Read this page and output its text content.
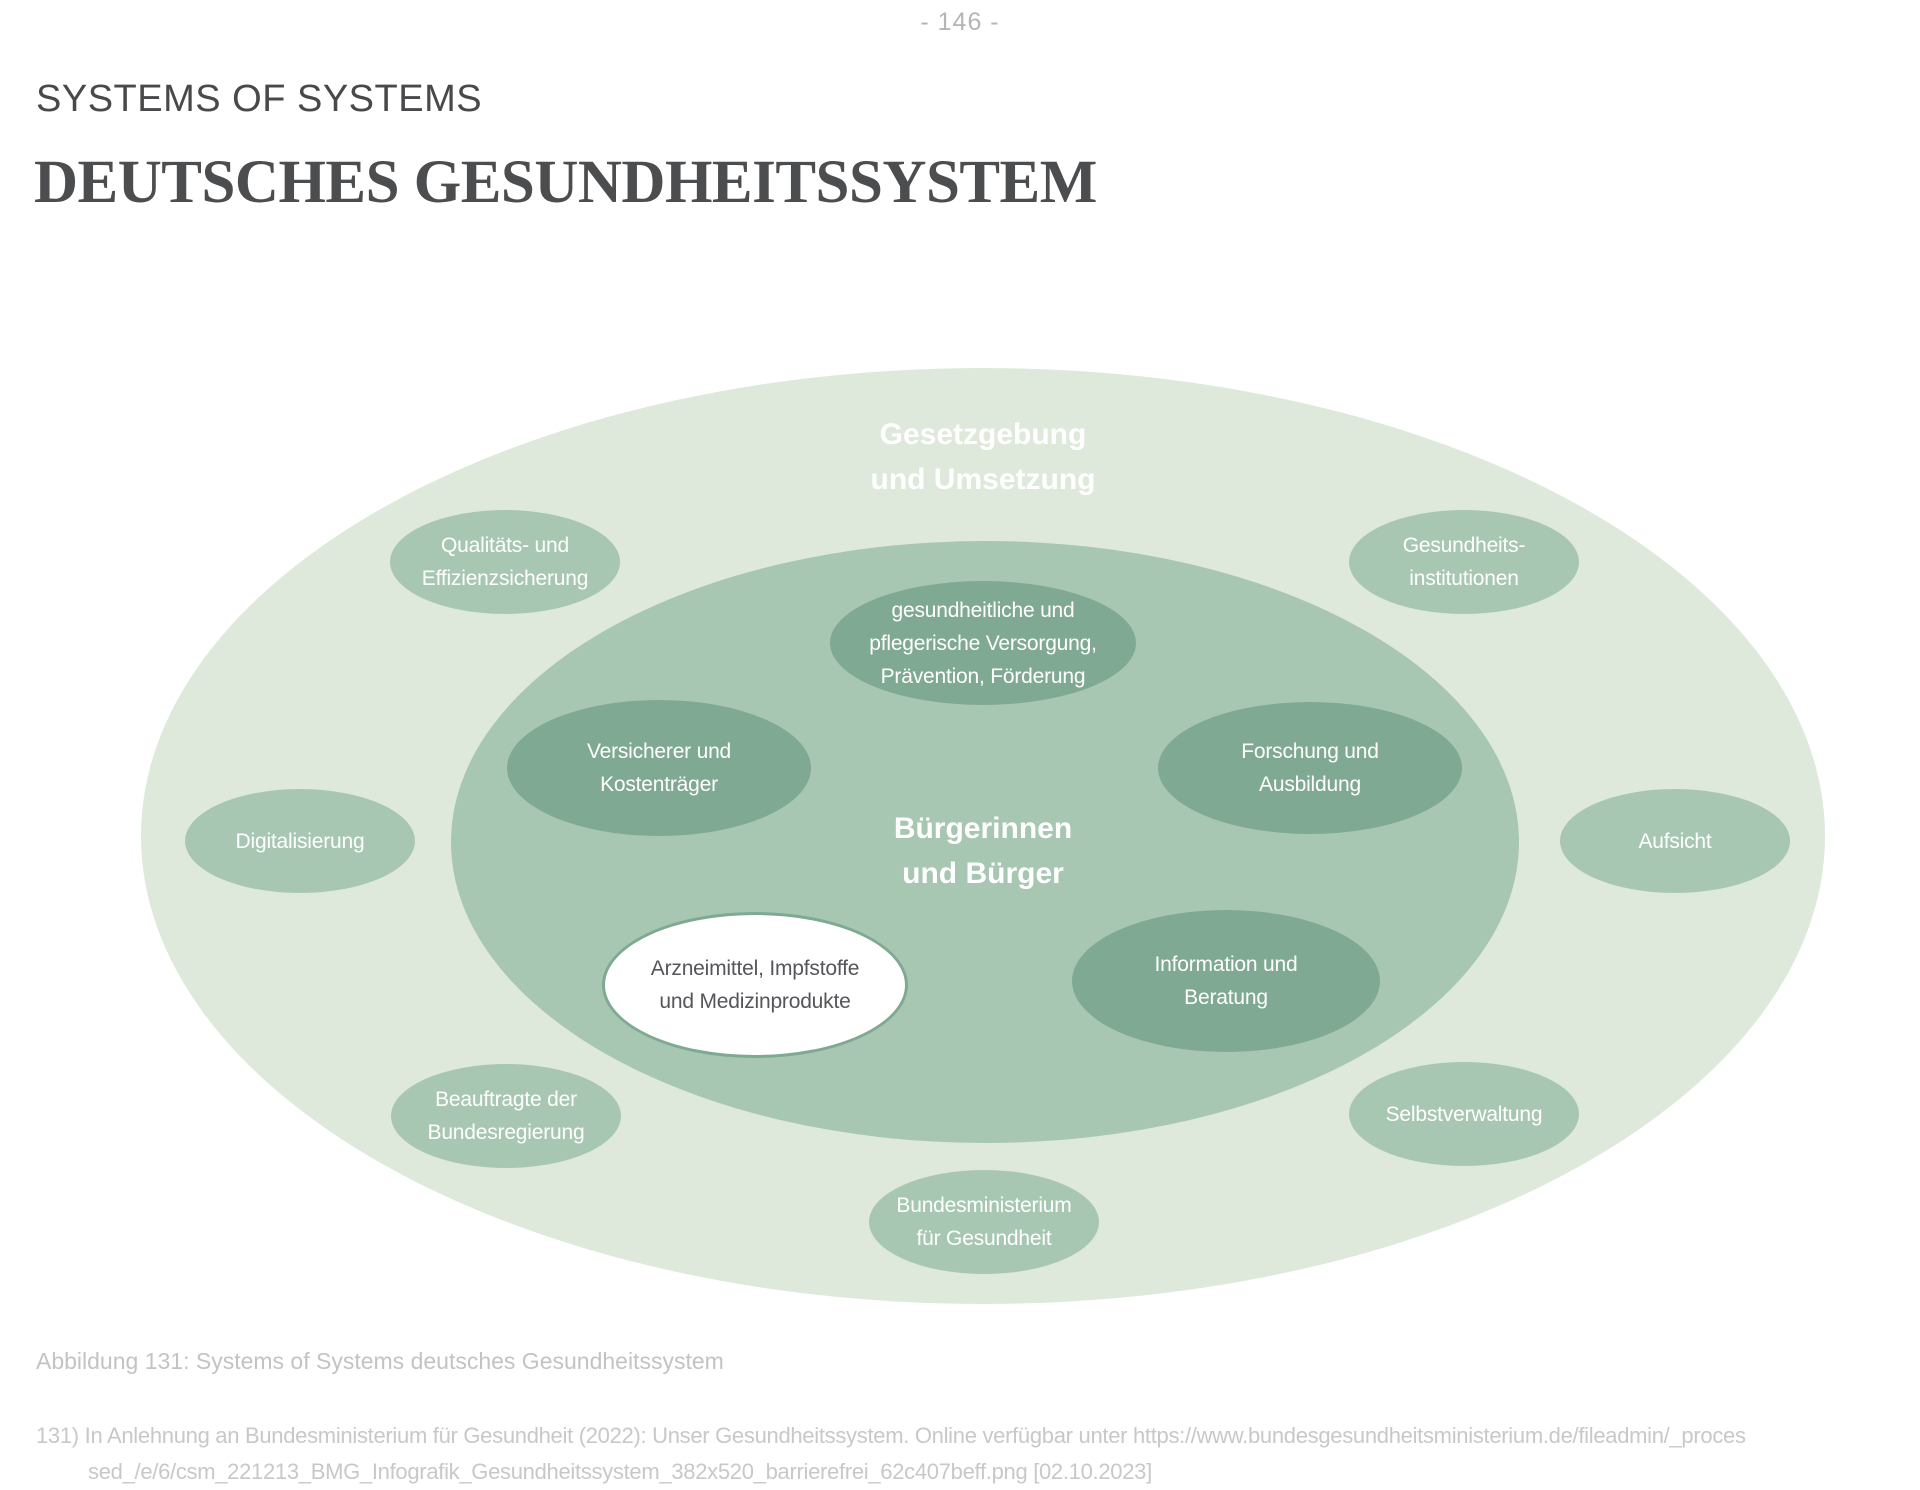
- 146 -
SYSTEMS OF SYSTEMS
DEUTSCHES GESUNDHEITSSYSTEM
Gesetzgebung
und Umsetzung
Bürgerinnen
und Bürger
Qualitäts- und
Effizienzsicherung
Gesundheits-
institutionen
Digitalisierung	Aufsicht
Beauftragte der
Bundesregierung
Selbstverwaltung
Bundesministerium
für Gesundheit
gesundheitliche und
pflegerische Versorgung,
Prävention, Förderung
Versicherer und
Kostenträger
Forschung und
Ausbildung
Information und
Beratung
Arzneimittel, Impfstoffe
und Medizinprodukte
Abbildung 131: Systems of Systems deutsches Gesundheitssystem
131) In Anlehnung an Bundesministerium für Gesundheit (2022): Unser Gesundheitssystem. Online verfügbar unter https://www.bundesgesundheitsministerium.de/fileadmin/_proces
sed_/e/6/csm_221213_BMG_Infografik_Gesundheitssystem_382x520_barrierefrei_62c407beff.png [02.10.2023]
